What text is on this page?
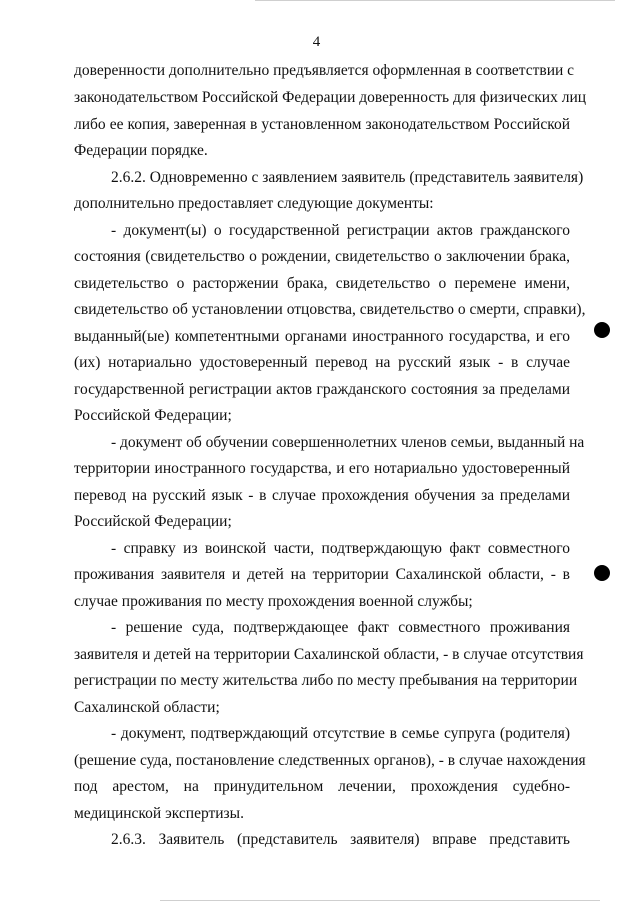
4
доверенности дополнительно предъявляется оформленная в соответствии с
законодательством Российской Федерации доверенность для физических лиц
либо ее копия, заверенная в установленном законодательством Российской
Федерации порядке.
2.6.2. Одновременно с заявлением заявитель (представитель заявителя)
дополнительно предоставляет следующие документы:
- документ(ы) о государственной регистрации актов гражданского
состояния (свидетельство о рождении, свидетельство о заключении брака,
свидетельство о расторжении брака, свидетельство о перемене имени,
свидетельство об установлении отцовства, свидетельство о смерти, справки),
выданный(ые) компетентными органами иностранного государства, и его
(их) нотариально удостоверенный перевод на русский язык - в случае
государственной регистрации актов гражданского состояния за пределами
Российской Федерации;
- документ об обучении совершеннолетних членов семьи, выданный на
территории иностранного государства, и его нотариально удостоверенный
перевод на русский язык - в случае прохождения обучения за пределами
Российской Федерации;
- справку из воинской части, подтверждающую факт совместного
проживания заявителя и детей на территории Сахалинской области, - в
случае проживания по месту прохождения военной службы;
- решение суда, подтверждающее факт совместного проживания
заявителя и детей на территории Сахалинской области, - в случае отсутствия
регистрации по месту жительства либо по месту пребывания на территории
Сахалинской области;
- документ, подтверждающий отсутствие в семье супруга (родителя)
(решение суда, постановление следственных органов), - в случае нахождения
под арестом, на принудительном лечении, прохождения судебно-
медицинской экспертизы.
2.6.3. Заявитель (представитель заявителя) вправе представить
